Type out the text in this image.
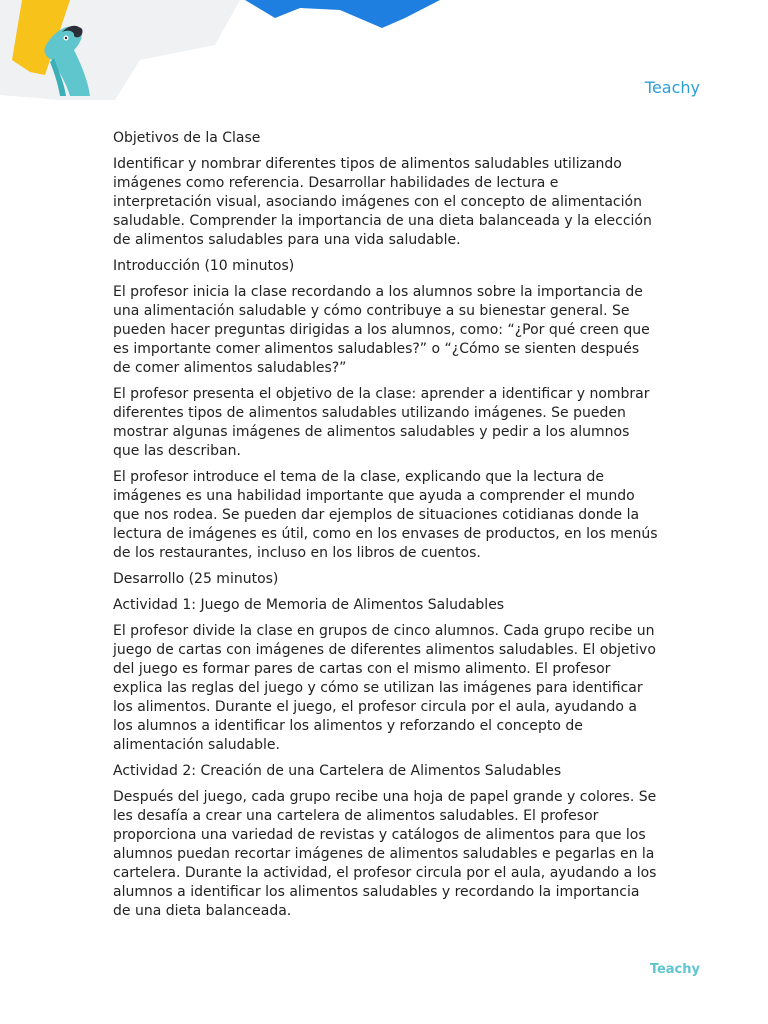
Teachy

Objetivos de la Clase

Identificar y nombrar diferentes tipos de alimentos saludables utilizando imágenes como referencia. Desarrollar habilidades de lectura e interpretación visual, asociando imágenes con el concepto de alimentación saludable. Comprender la importancia de una dieta balanceada y la elección de alimentos saludables para una vida saludable.

Introducción (10 minutos)

El profesor inicia la clase recordando a los alumnos sobre la importancia de una alimentación saludable y cómo contribuye a su bienestar general. Se pueden hacer preguntas dirigidas a los alumnos, como: “¿Por qué creen que es importante comer alimentos saludables?” o “¿Cómo se sienten después de comer alimentos saludables?”

El profesor presenta el objetivo de la clase: aprender a identificar y nombrar diferentes tipos de alimentos saludables utilizando imágenes. Se pueden mostrar algunas imágenes de alimentos saludables y pedir a los alumnos que las describan.

El profesor introduce el tema de la clase, explicando que la lectura de imágenes es una habilidad importante que ayuda a comprender el mundo que nos rodea. Se pueden dar ejemplos de situaciones cotidianas donde la lectura de imágenes es útil, como en los envases de productos, en los menús de los restaurantes, incluso en los libros de cuentos.

Desarrollo (25 minutos)

Actividad 1: Juego de Memoria de Alimentos Saludables

El profesor divide la clase en grupos de cinco alumnos. Cada grupo recibe un juego de cartas con imágenes de diferentes alimentos saludables. El objetivo del juego es formar pares de cartas con el mismo alimento. El profesor explica las reglas del juego y cómo se utilizan las imágenes para identificar los alimentos. Durante el juego, el profesor circula por el aula, ayudando a los alumnos a identificar los alimentos y reforzando el concepto de alimentación saludable.

Actividad 2: Creación de una Cartelera de Alimentos Saludables

Después del juego, cada grupo recibe una hoja de papel grande y colores. Se les desafía a crear una cartelera de alimentos saludables. El profesor proporciona una variedad de revistas y catálogos de alimentos para que los alumnos puedan recortar imágenes de alimentos saludables e pegarlas en la cartelera. Durante la actividad, el profesor circula por el aula, ayudando a los alumnos a identificar los alimentos saludables y recordando la importancia de una dieta balanceada.

Teachy
